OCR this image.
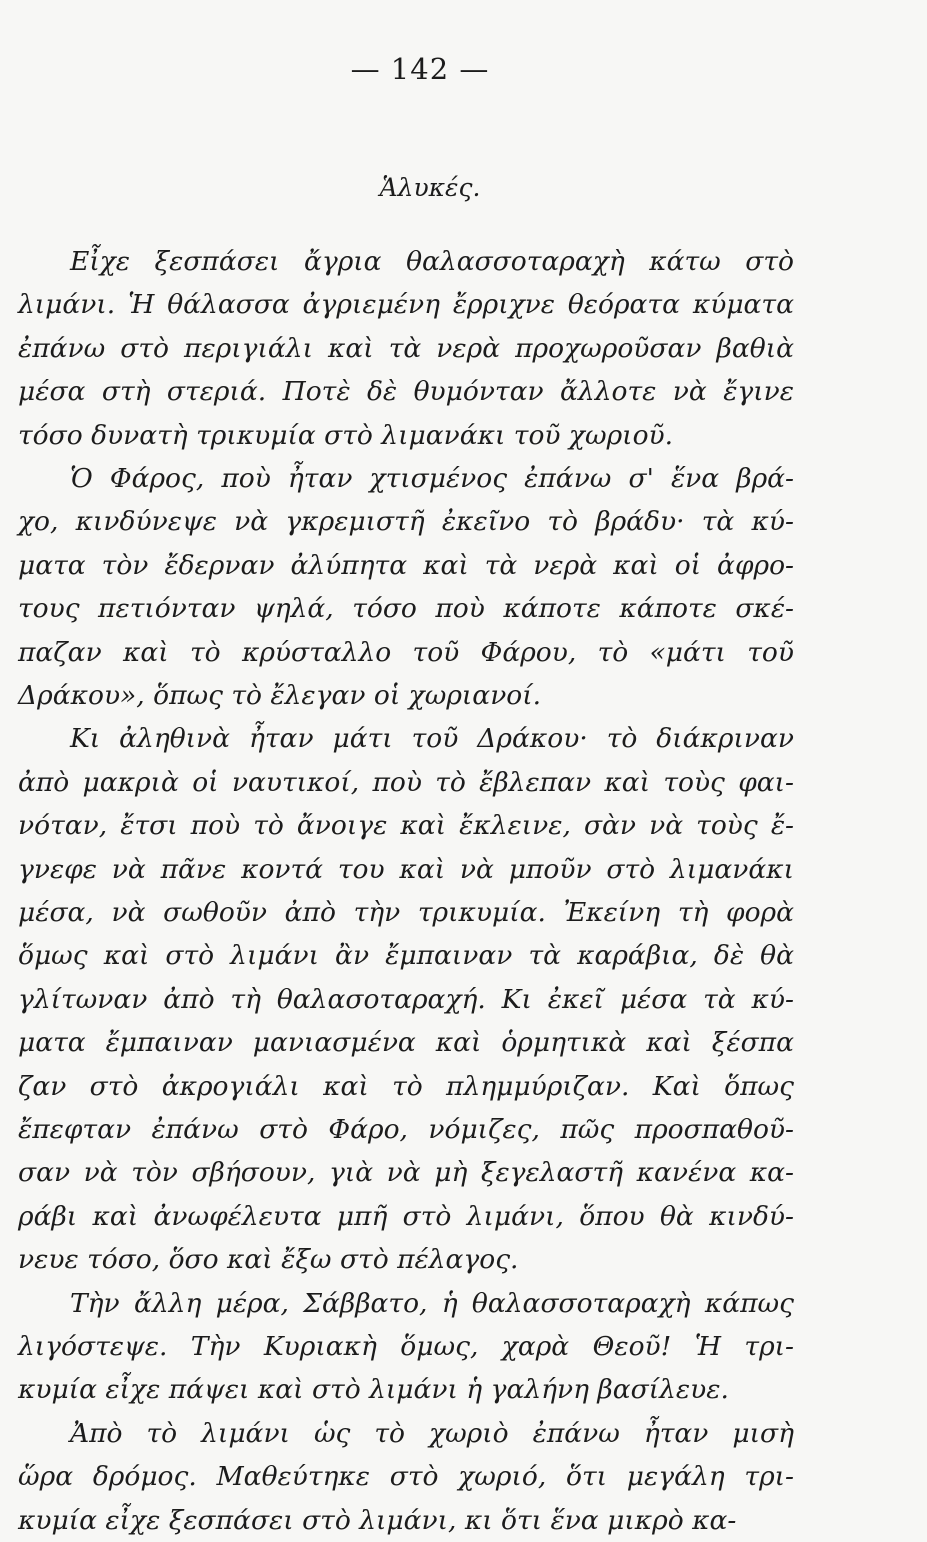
— 142 —
Ἁλυκές.
Εἶχε ξεσπάσει ἄγρια θαλασσοταραχὴ κάτω στὸ
λιμάνι. Ἡ θάλασσα ἀγριεμένη ἔρριχνε θεόρατα κύματα
ἐπάνω στὸ περιγιάλι καὶ τὰ νερὰ προχωροῦσαν βαθιὰ
μέσα στὴ στεριά. Ποτὲ δὲ θυμόνταν ἄλλοτε νὰ ἔγινε
τόσο δυνατὴ τρικυμία στὸ λιμανάκι τοῦ χωριοῦ.
Ὁ Φάρος, ποὺ ἦταν χτισμένος ἐπάνω σ' ἕνα βρά-
χο, κινδύνεψε νὰ γκρεμιστῆ ἐκεῖνο τὸ βράδυ· τὰ κύ-
ματα τὸν ἔδερναν ἀλύπητα καὶ τὰ νερὰ καὶ οἱ ἀφρο-
τους πετιόνταν ψηλά, τόσο ποὺ κάποτε κάποτε σκέ-
παζαν καὶ τὸ κρύσταλλο τοῦ Φάρου, τὸ «μάτι τοῦ
Δράκου», ὅπως τὸ ἔλεγαν οἱ χωριανοί.
Κι ἀληθινὰ ἦταν μάτι τοῦ Δράκου· τὸ διάκριναν
ἀπὸ μακριὰ οἱ ναυτικοί, ποὺ τὸ ἔβλεπαν καὶ τοὺς φαι-
νόταν, ἔτσι ποὺ τὸ ἄνοιγε καὶ ἔκλεινε, σὰν νὰ τοὺς ἔ-
γνεφε νὰ πᾶνε κοντά του καὶ νὰ μποῦν στὸ λιμανάκι
μέσα, νὰ σωθοῦν ἀπὸ τὴν τρικυμία. Ἐκείνη τὴ φορὰ
ὅμως καὶ στὸ λιμάνι ἂν ἔμπαιναν τὰ καράβια, δὲ θὰ
γλίτωναν ἀπὸ τὴ θαλασοταραχή. Κι ἐκεῖ μέσα τὰ κύ-
ματα ἔμπαιναν μανιασμένα καὶ ὁρμητικὰ καὶ ξέσπα
ζαν στὸ ἀκρογιάλι καὶ τὸ πλημμύριζαν. Καὶ ὅπως
ἔπεφταν ἐπάνω στὸ Φάρο, νόμιζες, πῶς προσπαθοῦ-
σαν νὰ τὸν σβήσουν, γιὰ νὰ μὴ ξεγελαστῆ κανένα κα-
ράβι καὶ ἀνωφέλευτα μπῆ στὸ λιμάνι, ὅπου θὰ κινδύ-
νευε τόσο, ὅσο καὶ ἔξω στὸ πέλαγος.
Τὴν ἄλλη μέρα, Σάββατο, ἡ θαλασσοταραχὴ κάπως
λιγόστεψε. Τὴν Κυριακὴ ὅμως, χαρὰ Θεοῦ! Ἡ τρι-
κυμία εἶχε πάψει καὶ στὸ λιμάνι ἡ γαλήνη βασίλευε.
Ἀπὸ τὸ λιμάνι ὡς τὸ χωριὸ ἐπάνω ἦταν μισὴ
ὥρα δρόμος. Μαθεύτηκε στὸ χωριό, ὅτι μεγάλη τρι-
κυμία εἶχε ξεσπάσει στὸ λιμάνι, κι ὅτι ἕνα μικρὸ κα-
